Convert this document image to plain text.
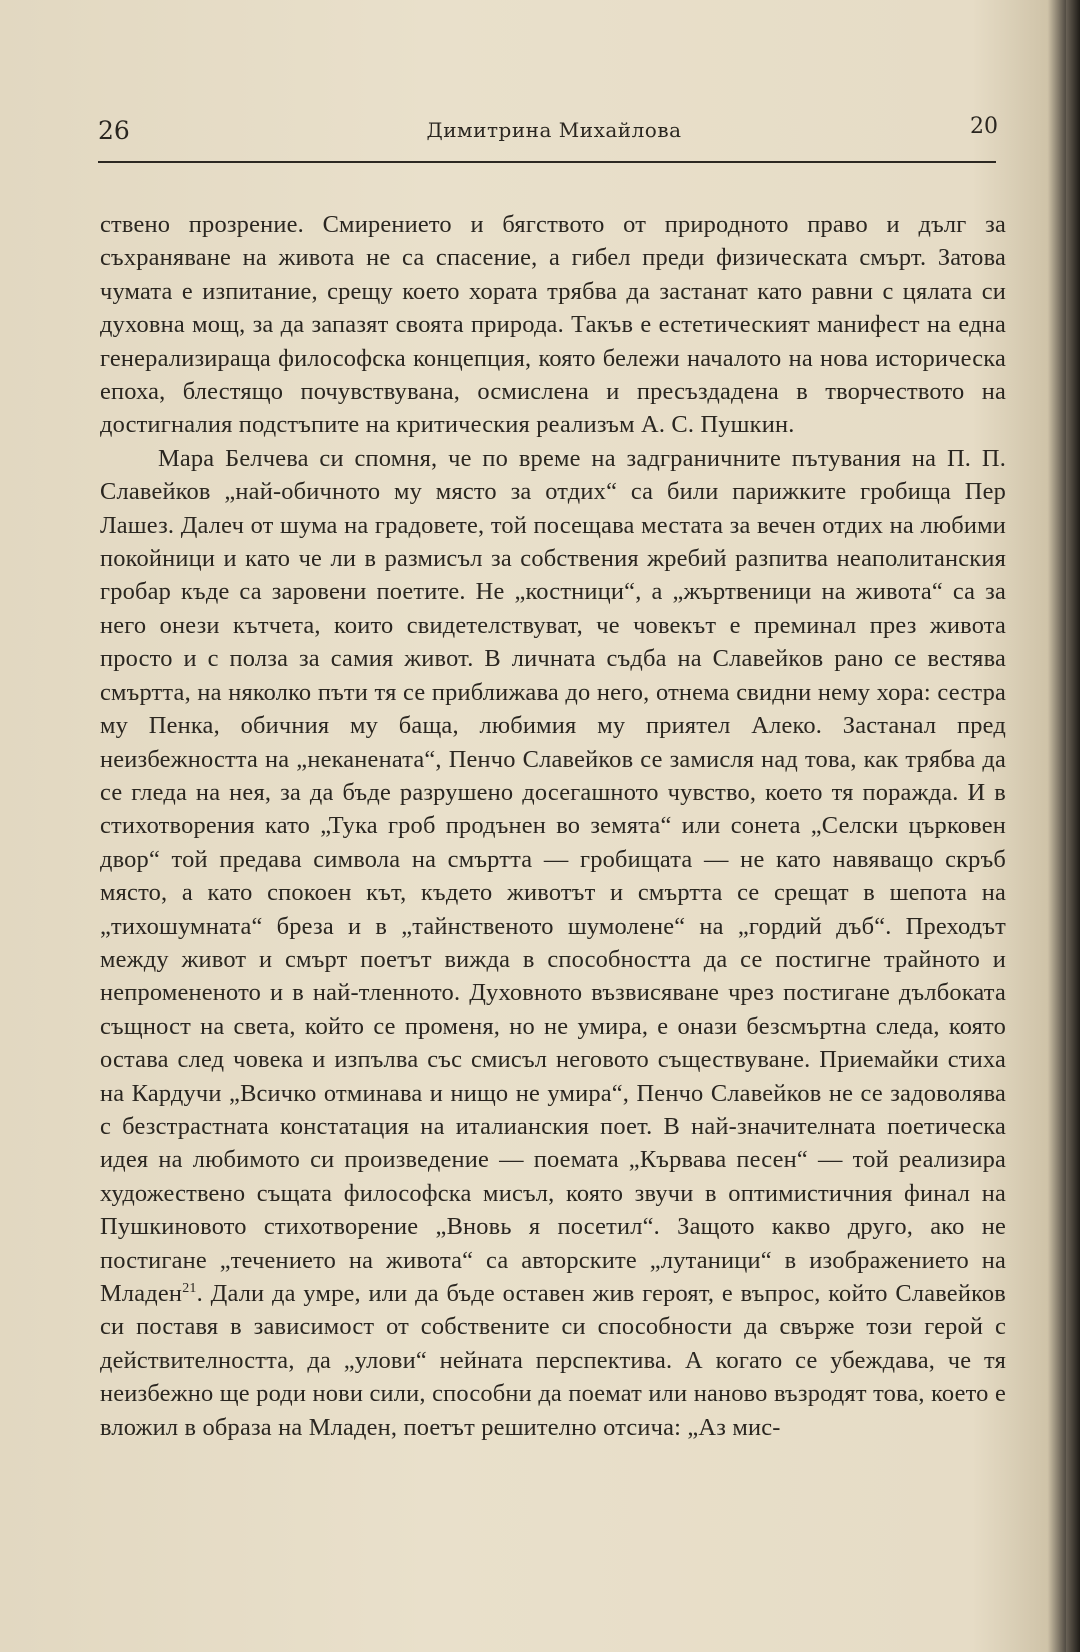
26	Димитрина Михайлова	20

ствено прозрение. Смирението и бягството от природното право и дълг за съхраняване на живота не са спасение, а гибел преди физическата смърт. Затова чумата е изпитание, срещу което хората трябва да застанат като равни с цялата си духовна мощ, за да запазят своята природа. Такъв е естетическият манифест на една генерализираща философска концепция, която бележи началото на нова историческа епоха, блестящо почувствувана, осмислена и пресъздадена в творчеството на достигналия подстъпите на критическия реализъм А. С. Пушкин.

Мара Белчева си спомня, че по време на задграничните пътувания на П. П. Славейков „най-обичното му място за отдих“ са били парижките гробища Пер Лашез. Далеч от шума на градовете, той посещава местата за вечен отдих на любими покойници и като че ли в размисъл за собствения жребий разпитва неаполитанския гробар къде са заровени поетите. Не „костници“, а „жъртвеници на живота“ са за него онези кътчета, които свидетелствуват, че човекът е преминал през живота просто и с полза за самия живот. В личната съдба на Славейков рано се вестява смъртта, на няколко пъти тя се приближава до него, отнема свидни нему хора: сестра му Пенка, обичния му баща, любимия му приятел Алеко. Застанал пред неизбежността на „неканената“, Пенчо Славейков се замисля над това, как трябва да се гледа на нея, за да бъде разрушено досегашното чувство, което тя поражда. И в стихотворения като „Тука гроб продънен во земята“ или сонета „Селски църковен двор“ той предава символа на смъртта — гробищата — не като навяващо скръб място, а като спокоен кът, където животът и смъртта се срещат в шепота на „тихошумната“ бреза и в „тайнственото шумолене“ на „гордий дъб“. Преходът между живот и смърт поетът вижда в способността да се постигне трайното и непромененото и в най-тленното. Духовното възвисяване чрез постигане дълбоката същност на света, който се променя, но не умира, е онази безсмъртна следа, която остава след човека и изпълва със смисъл неговото съществуване. Приемайки стиха на Кардучи „Всичко отминава и нищо не умира“, Пенчо Славейков не се задоволява с безстрастната констатация на италианския поет. В най-значителната поетическа идея на любимото си произведение — поемата „Кървава песен“ — той реализира художествено същата философска мисъл, която звучи в оптимистичния финал на Пушкиновото стихотворение „Вновь я посетил“. Защото какво друго, ако не постигане „течението на живота“ са авторските „лутаници“ в изображението на Младен$^{21}$. Дали да умре, или да бъде оставен жив героят, е въпрос, който Славейков си поставя в зависимост от собствените си способности да свърже този герой с действителността, да „улови“ нейната перспектива. А когато се убеждава, че тя неизбежно ще роди нови сили, способни да поемат или наново възродят това, което е вложил в образа на Младен, поетът решително отсича: „Аз мис-
